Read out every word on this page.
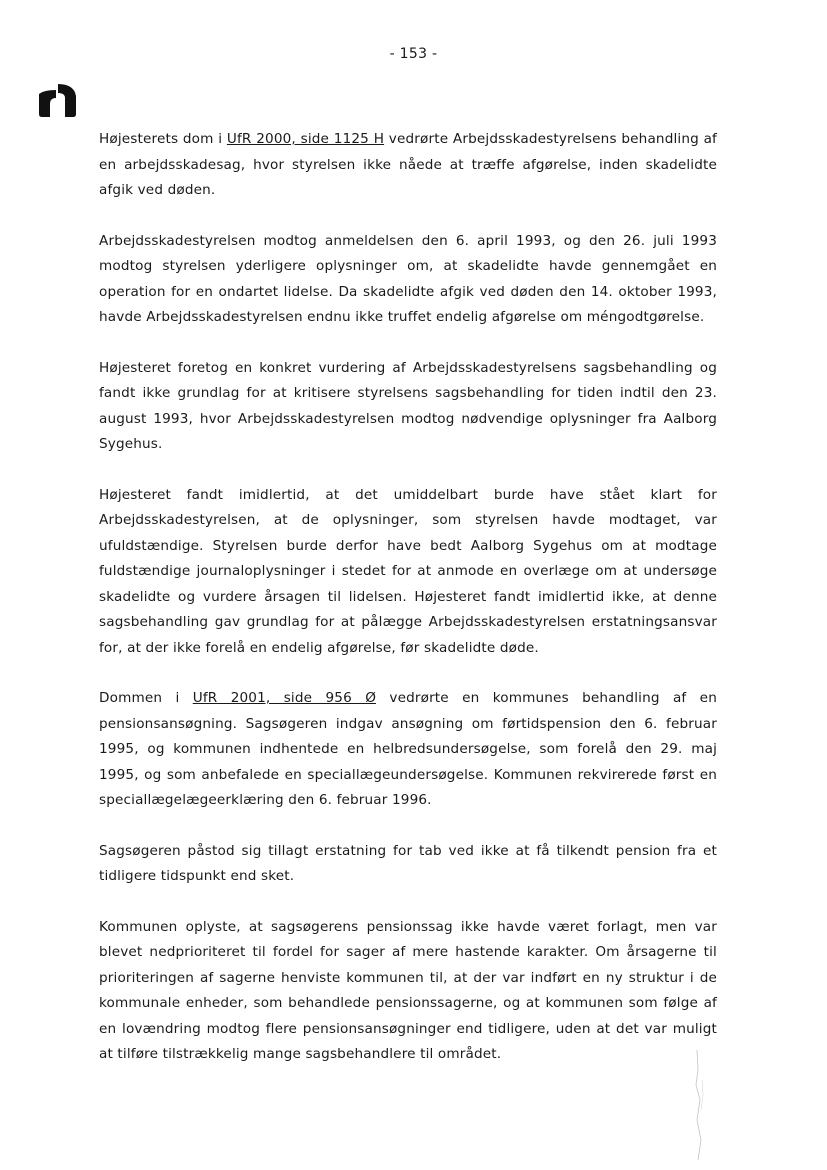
- 153 -

Højesterets dom i UfR 2000, side 1125 H vedrørte Arbejdsskadestyrelsens behandling af en arbejdsskadesag, hvor styrelsen ikke nåede at træffe afgørelse, inden skadelidte afgik ved døden.

Arbejdsskadestyrelsen modtog anmeldelsen den 6. april 1993, og den 26. juli 1993 modtog styrelsen yderligere oplysninger om, at skadelidte havde gennemgået en operation for en ondartet lidelse. Da skadelidte afgik ved døden den 14. oktober 1993, havde Arbejdsskadestyrelsen endnu ikke truffet endelig afgørelse om méngodtgørelse.

Højesteret foretog en konkret vurdering af Arbejdsskadestyrelsens sagsbehandling og fandt ikke grundlag for at kritisere styrelsens sagsbehandling for tiden indtil den 23. august 1993, hvor Arbejdsskadestyrelsen modtog nødvendige oplysninger fra Aalborg Sygehus.

Højesteret fandt imidlertid, at det umiddelbart burde have stået klart for Arbejdsskadestyrelsen, at de oplysninger, som styrelsen havde modtaget, var ufuldstændige. Styrelsen burde derfor have bedt Aalborg Sygehus om at modtage fuldstændige journaloplysninger i stedet for at anmode en overlæge om at undersøge skadelidte og vurdere årsagen til lidelsen. Højesteret fandt imidlertid ikke, at denne sagsbehandling gav grundlag for at pålægge Arbejdsskadestyrelsen erstatningsansvar for, at der ikke forelå en endelig afgørelse, før skadelidte døde.

Dommen i UfR 2001, side 956 Ø vedrørte en kommunes behandling af en pensionsansøgning. Sagsøgeren indgav ansøgning om førtidspension den 6. februar 1995, og kommunen indhentede en helbredsundersøgelse, som forelå den 29. maj 1995, og som anbefalede en speciallægeundersøgelse. Kommunen rekvirerede først en speciallægelægeerklæring den 6. februar 1996.

Sagsøgeren påstod sig tillagt erstatning for tab ved ikke at få tilkendt pension fra et tidligere tidspunkt end sket.

Kommunen oplyste, at sagsøgerens pensionssag ikke havde været forlagt, men var blevet nedprioriteret til fordel for sager af mere hastende karakter. Om årsagerne til prioriteringen af sagerne henviste kommunen til, at der var indført en ny struktur i de kommunale enheder, som behandlede pensionssagerne, og at kommunen som følge af en lovændring modtog flere pensionsansøgninger end tidligere, uden at det var muligt at tilføre tilstrækkelig mange sagsbehandlere til området.
